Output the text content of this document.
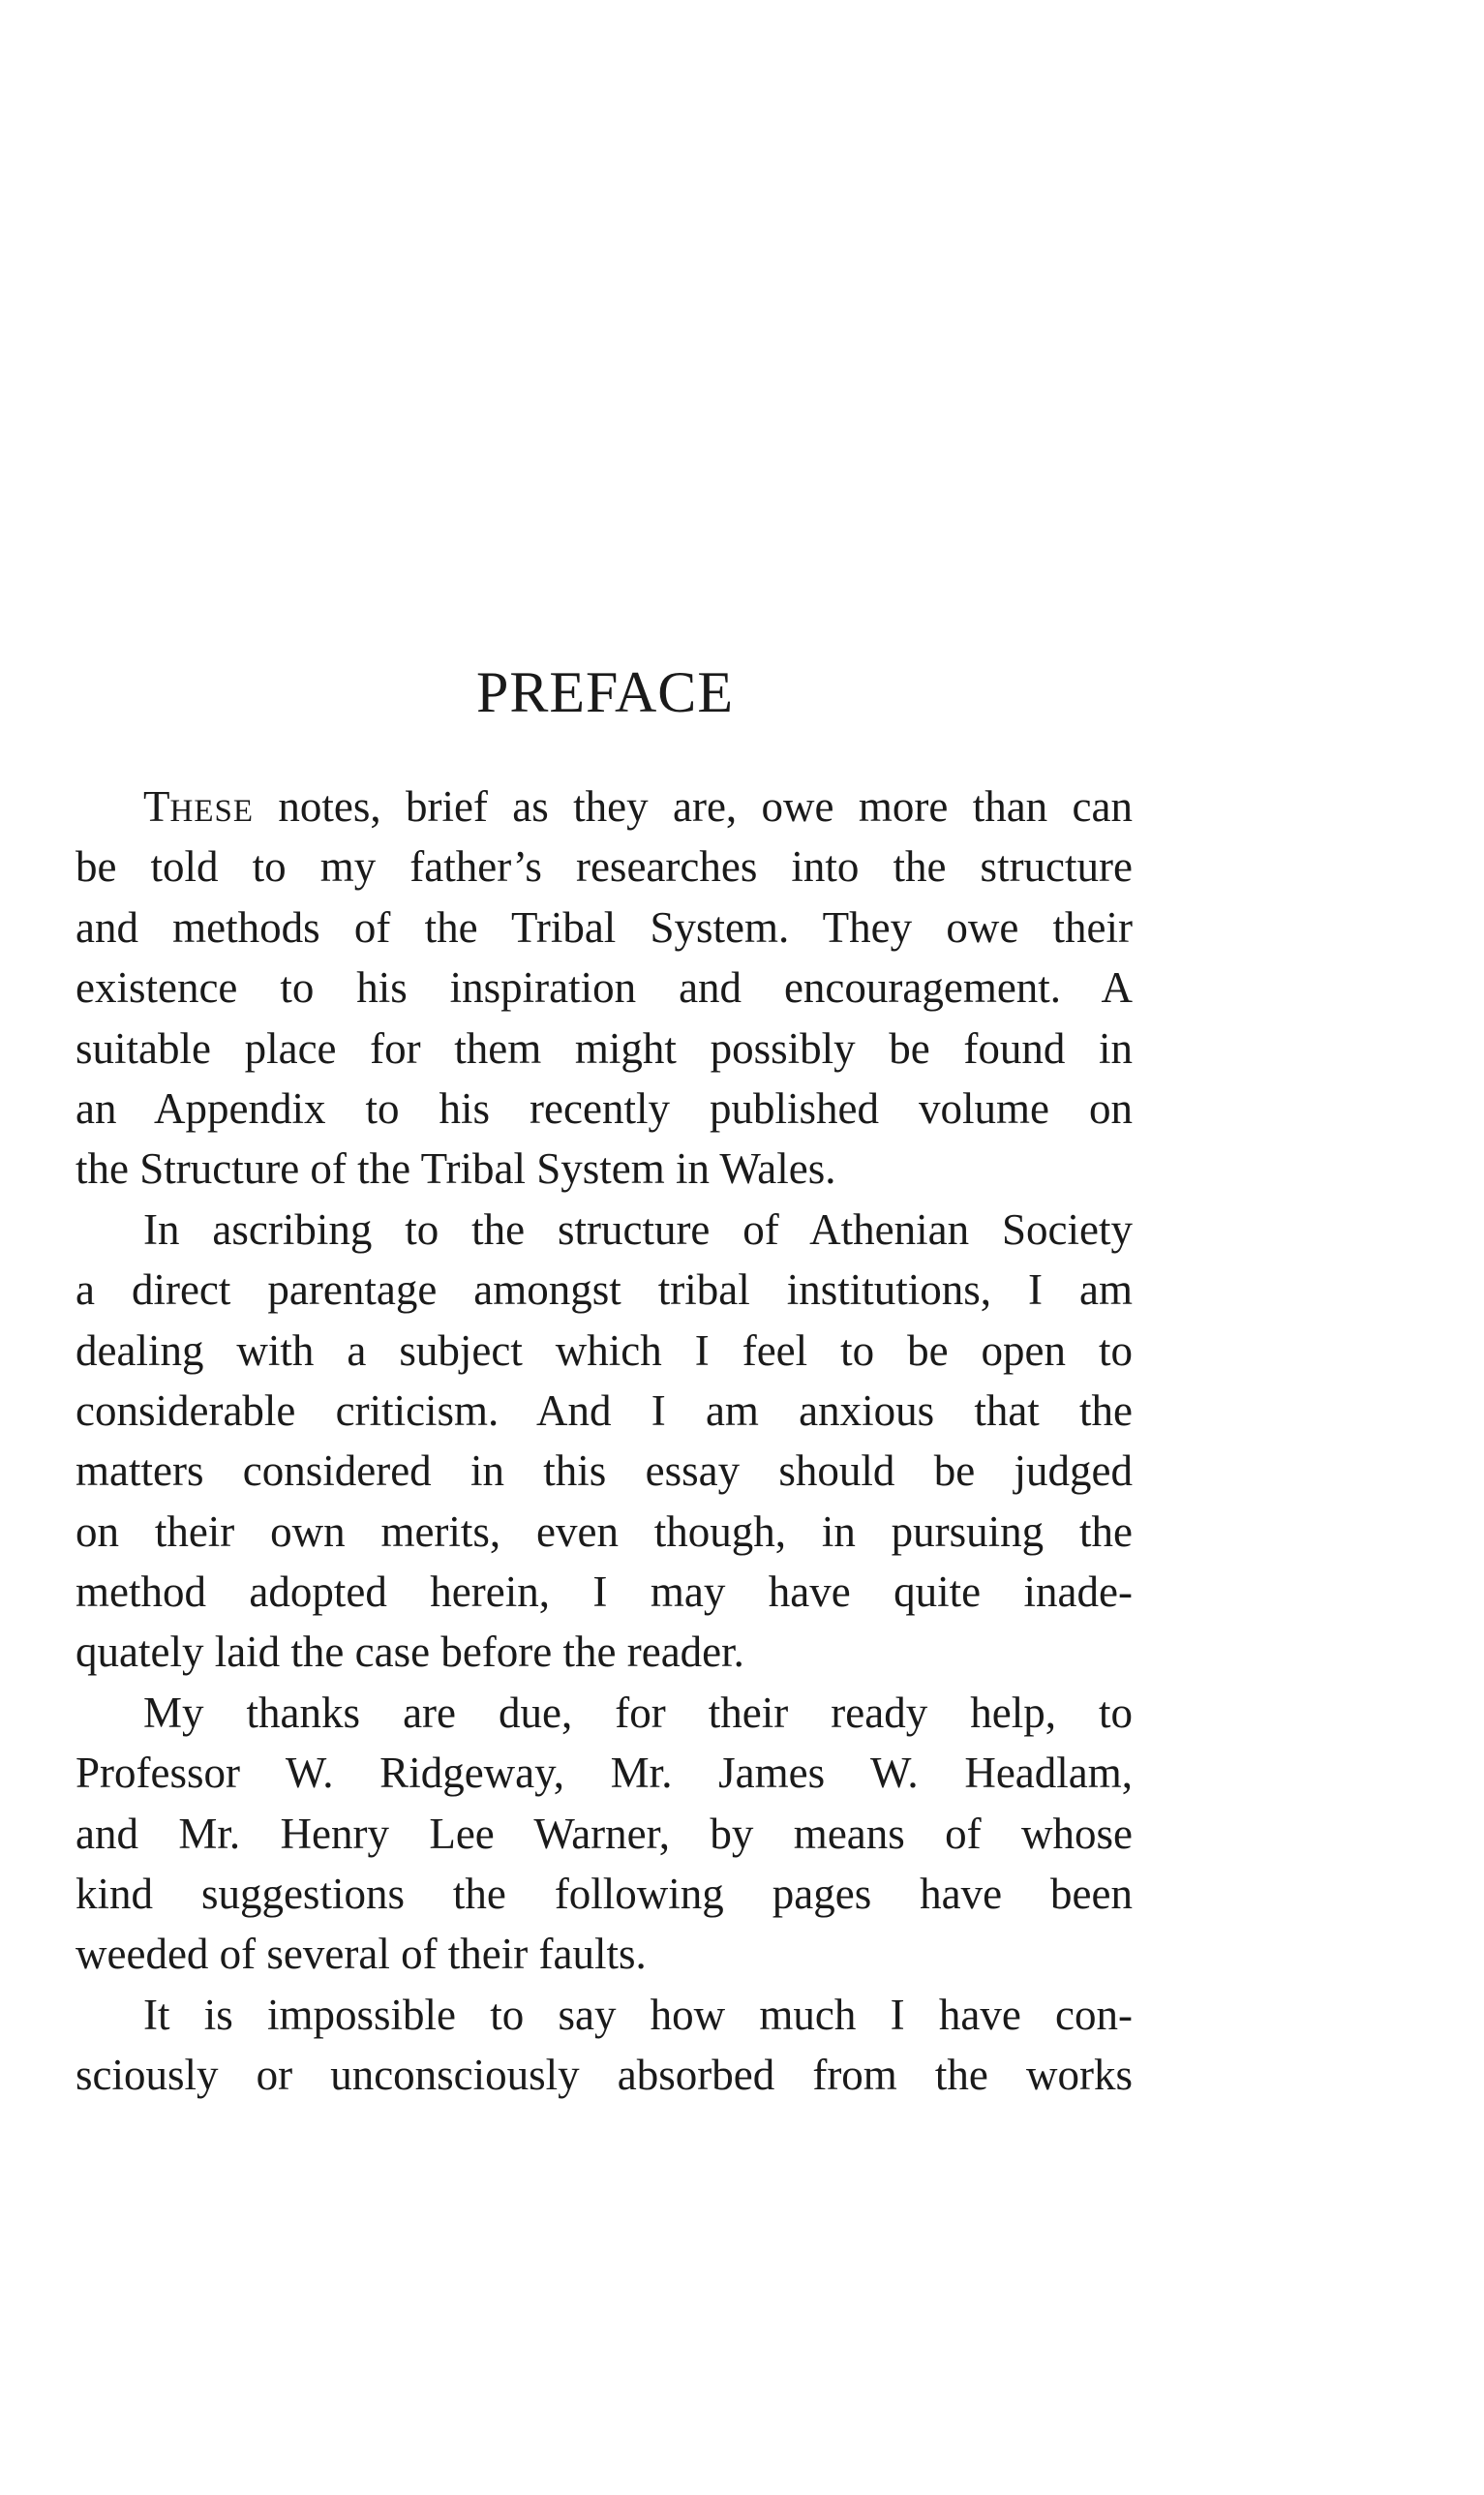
PREFACE
THESE notes, brief as they are, owe more than can
be told to my father’s researches into the structure
and methods of the Tribal System. They owe their
existence to his inspiration and encouragement. A
suitable place for them might possibly be found in
an Appendix to his recently published volume on
the Structure of the Tribal System in Wales.
In ascribing to the structure of Athenian Society
a direct parentage amongst tribal institutions, I am
dealing with a subject which I feel to be open to
considerable criticism. And I am anxious that the
matters considered in this essay should be judged
on their own merits, even though, in pursuing the
method adopted herein, I may have quite inade-
quately laid the case before the reader.
My thanks are due, for their ready help, to
Professor W. Ridgeway, Mr. James W. Headlam,
and Mr. Henry Lee Warner, by means of whose
kind suggestions the following pages have been
weeded of several of their faults.
It is impossible to say how much I have con-
sciously or unconsciously absorbed from the works
